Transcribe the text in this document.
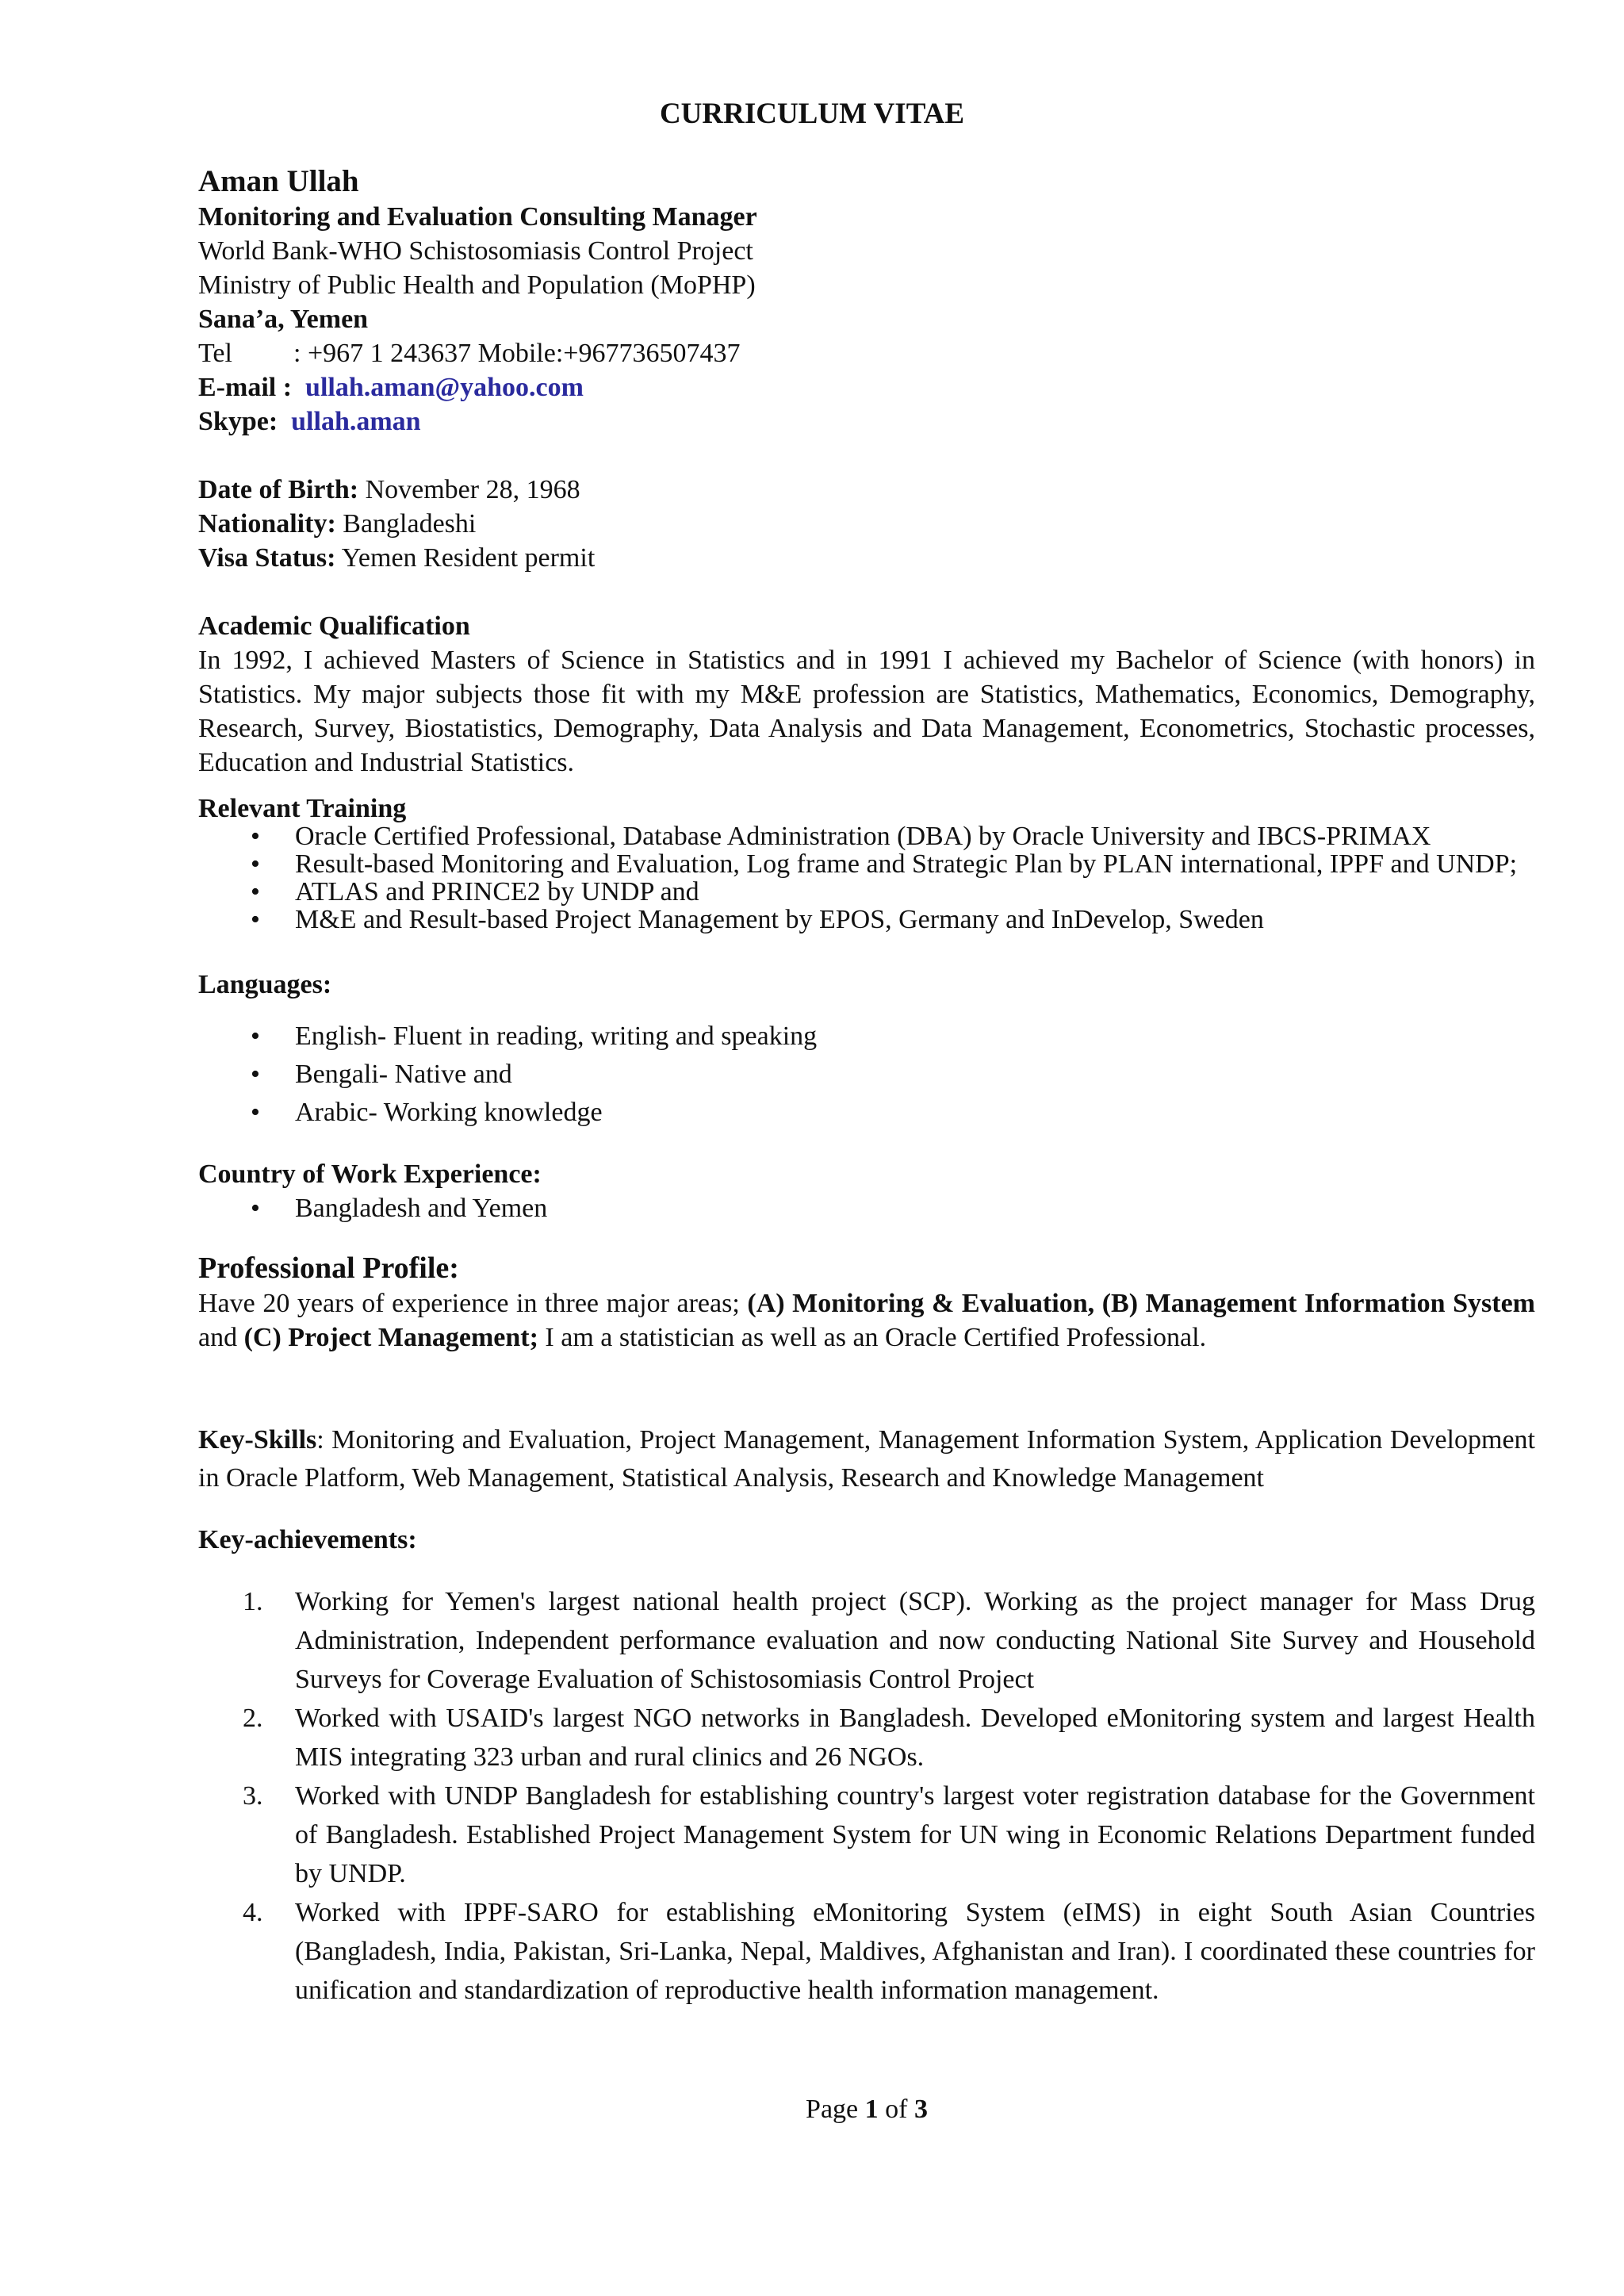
CURRICULUM VITAE
Aman Ullah
Monitoring and Evaluation Consulting Manager
World Bank-WHO Schistosomiasis Control Project
Ministry of Public Health and Population (MoPHP)
Sana’a, Yemen
Tel : +967 1 243637 Mobile:+967736507437
E-mail : ullah.aman@yahoo.com
Skype: ullah.aman
Date of Birth: November 28, 1968
Nationality: Bangladeshi
Visa Status: Yemen Resident permit
Academic Qualification
In 1992, I achieved Masters of Science in Statistics and in 1991 I achieved my Bachelor of Science (with honors) in Statistics. My major subjects those fit with my M&E profession are Statistics, Mathematics, Economics, Demography, Research, Survey, Biostatistics, Demography, Data Analysis and Data Management, Econometrics, Stochastic processes, Education and Industrial Statistics.
Relevant Training
• Oracle Certified Professional, Database Administration (DBA) by Oracle University and IBCS-PRIMAX
• Result-based Monitoring and Evaluation, Log frame and Strategic Plan by PLAN international, IPPF and UNDP;
• ATLAS and PRINCE2 by UNDP and
• M&E and Result-based Project Management by EPOS, Germany and InDevelop, Sweden
Languages:
• English- Fluent in reading, writing and speaking
• Bengali- Native and
• Arabic- Working knowledge
Country of Work Experience:
• Bangladesh and Yemen
Professional Profile:
Have 20 years of experience in three major areas; (A) Monitoring & Evaluation, (B) Management Information System and (C) Project Management; I am a statistician as well as an Oracle Certified Professional.
Key-Skills: Monitoring and Evaluation, Project Management, Management Information System, Application Development in Oracle Platform, Web Management, Statistical Analysis, Research and Knowledge Management
Key-achievements:
1. Working for Yemen's largest national health project (SCP). Working as the project manager for Mass Drug Administration, Independent performance evaluation and now conducting National Site Survey and Household Surveys for Coverage Evaluation of Schistosomiasis Control Project
2. Worked with USAID's largest NGO networks in Bangladesh. Developed eMonitoring system and largest Health MIS integrating 323 urban and rural clinics and 26 NGOs.
3. Worked with UNDP Bangladesh for establishing country's largest voter registration database for the Government of Bangladesh. Established Project Management System for UN wing in Economic Relations Department funded by UNDP.
4. Worked with IPPF-SARO for establishing eMonitoring System (eIMS) in eight South Asian Countries (Bangladesh, India, Pakistan, Sri-Lanka, Nepal, Maldives, Afghanistan and Iran). I coordinated these countries for unification and standardization of reproductive health information management.
Page 1 of 3
